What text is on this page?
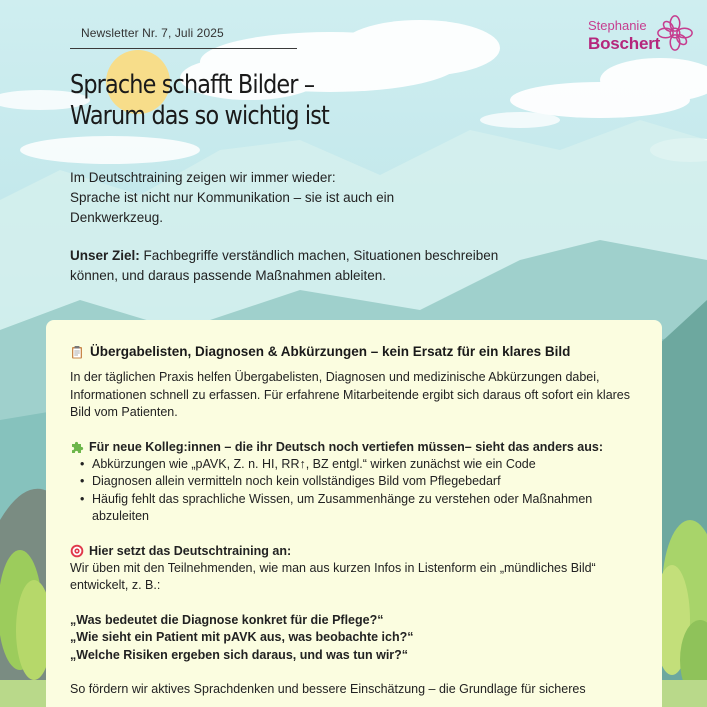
Newsletter Nr. 7, Juli 2025	Stephanie
Boschert
Sprache schafft Bilder –
Warum das so wichtig ist
Im Deutschtraining zeigen wir immer wieder:
Sprache ist nicht nur Kommunikation – sie ist auch ein
Denkwerkzeug.
Unser Ziel: Fachbegriffe verständlich machen, Situationen beschreiben können, und daraus passende Maßnahmen ableiten.
Übergabelisten, Diagnosen & Abkürzungen – kein Ersatz für ein klares Bild

In der täglichen Praxis helfen Übergabelisten, Diagnosen und medizinische Abkürzungen dabei, Informationen schnell zu erfassen. Für erfahrene Mitarbeitende ergibt sich daraus oft sofort ein klares Bild vom Patienten.

Für neue Kolleg:innen – die ihr Deutsch noch vertiefen müssen– sieht das anders aus:
• Abkürzungen wie „pAVK, Z. n. HI, RR↑, BZ entgl.“ wirken zunächst wie ein Code
• Diagnosen allein vermitteln noch kein vollständiges Bild vom Pflegebedarf
• Häufig fehlt das sprachliche Wissen, um Zusammenhänge zu verstehen oder Maßnahmen abzuleiten
Hier setzt das Deutschtraining an:

Wir üben mit den Teilnehmenden, wie man aus kurzen Infos in Listenform ein „mündliches Bild“ entwickelt, z. B.:

„Was bedeutet die Diagnose konkret für die Pflege?“
„Wie sieht ein Patient mit pAVK aus, was beobachte ich?“
„Welche Risiken ergeben sich daraus, und was tun wir?“

So fördern wir aktives Sprachdenken und bessere Einschätzung – die Grundlage für sicheres
